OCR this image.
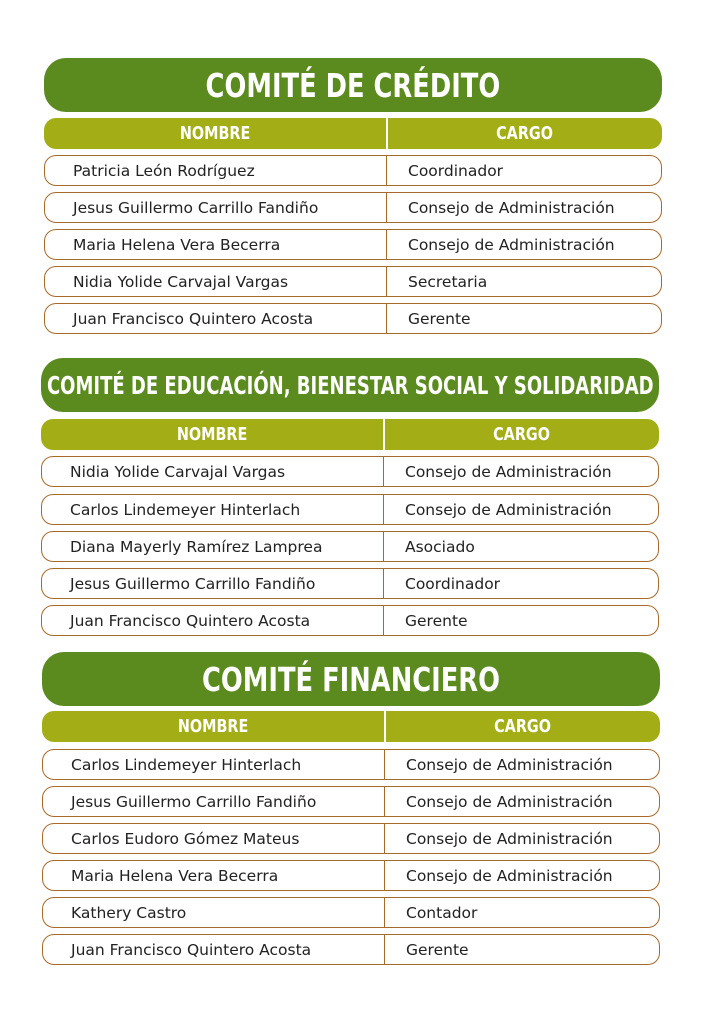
COMITÉ DE CRÉDITO
NOMBRE	CARGO
Patricia León Rodríguez	Coordinador
Jesus Guillermo Carrillo Fandiño	Consejo de Administración
Maria Helena Vera Becerra	Consejo de Administración
Nidia Yolide Carvajal Vargas	Secretaria
Juan Francisco Quintero Acosta	Gerente
COMITÉ DE EDUCACIÓN, BIENESTAR SOCIAL Y SOLIDARIDAD
NOMBRE	CARGO
Nidia Yolide Carvajal Vargas	Consejo de Administración
Carlos Lindemeyer Hinterlach	Consejo de Administración
Diana Mayerly Ramírez Lamprea	Asociado
Jesus Guillermo Carrillo Fandiño	Coordinador
Juan Francisco Quintero Acosta	Gerente
COMITÉ FINANCIERO
NOMBRE	CARGO
Carlos Lindemeyer Hinterlach	Consejo de Administración
Jesus Guillermo Carrillo Fandiño	Consejo de Administración
Carlos Eudoro Gómez Mateus	Consejo de Administración
Maria Helena Vera Becerra	Consejo de Administración
Kathery Castro	Contador
Juan Francisco Quintero Acosta	Gerente
